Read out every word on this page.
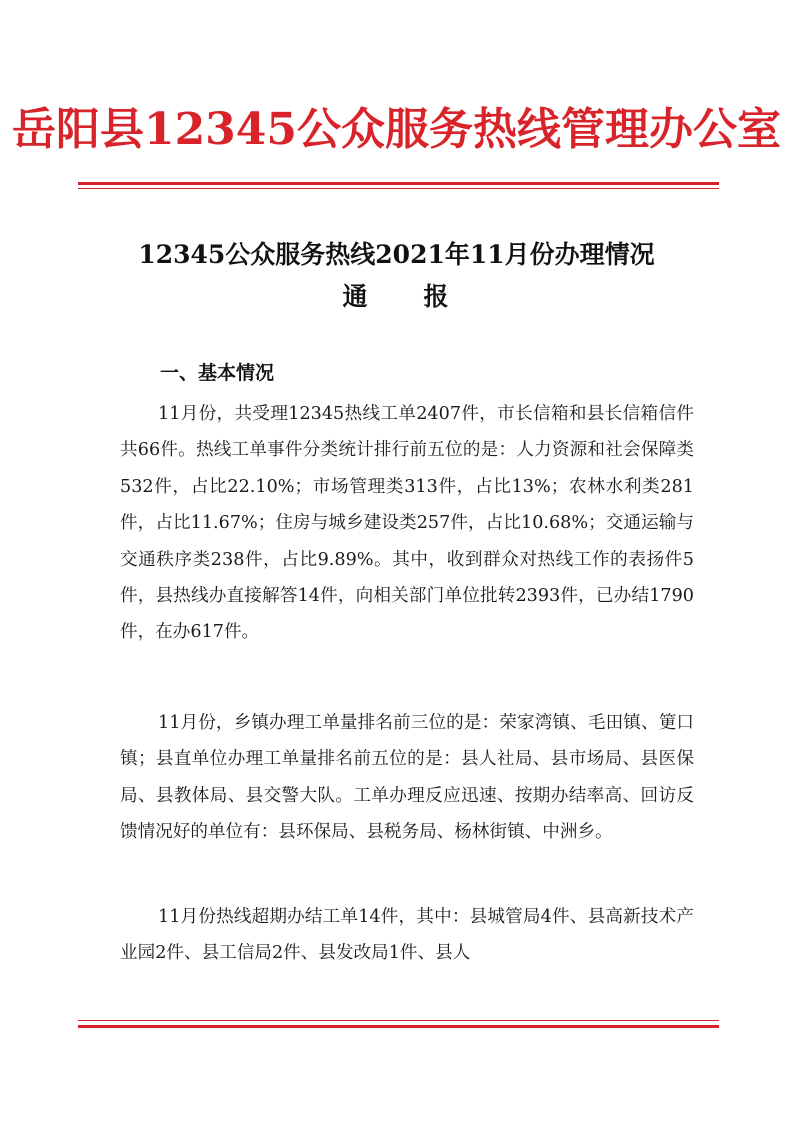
岳阳县12345公众服务热线管理办公室
12345公众服务热线2021年11月份办理情况
通　　报
一、基本情况

11月份，共受理12345热线工单2407件，市长信箱和县长信箱信件共66件。热线工单事件分类统计排行前五位的是：人力资源和社会保障类532件，占比22.10%；市场管理类313件，占比13%；农林水利类281件，占比11.67%；住房与城乡建设类257件，占比10.68%；交通运输与交通秩序类238件，占比9.89%。其中，收到群众对热线工作的表扬件5件，县热线办直接解答14件，向相关部门单位批转2393件，已办结1790件，在办617件。

11月份，乡镇办理工单量排名前三位的是：荣家湾镇、毛田镇、筻口镇；县直单位办理工单量排名前五位的是：县人社局、县市场局、县医保局、县教体局、县交警大队。工单办理反应迅速、按期办结率高、回访反馈情况好的单位有：县环保局、县税务局、杨林街镇、中洲乡。

11月份热线超期办结工单14件，其中：县城管局4件、县高新技术产业园2件、县工信局2件、县发改局1件、县人
